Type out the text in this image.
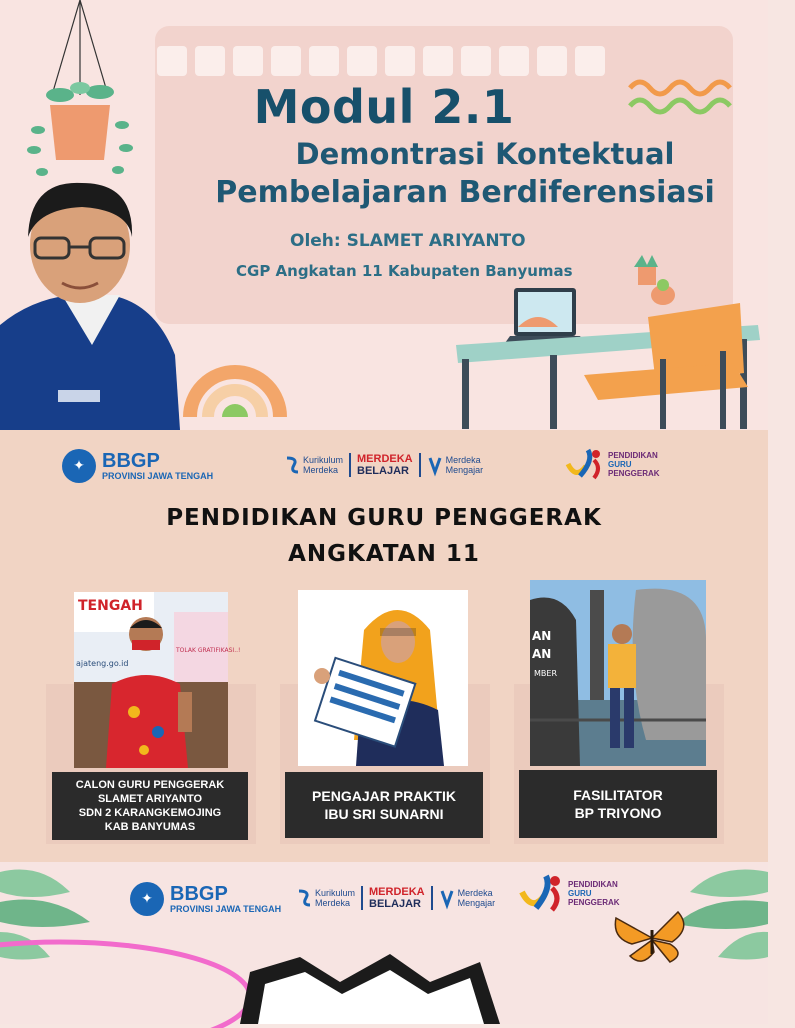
Modul 2.1
Demontrasi Kontektual
Pembelajaran Berdiferensiasi
Oleh: SLAMET ARIYANTO
CGP Angkatan 11 Kabupaten Banyumas
✦ BBGP
PROVINSI JAWA TENGAH
Kurikulum
Merdeka
MERDEKA
BELAJAR
Merdeka
Mengajar
PENDIDIKAN
GURU
PENGGERAK
PENDIDIKAN GURU PENGGERAK
ANGKATAN 11
TENGAH
TOLAK GRATIFIKASI..!
ajateng.go.id
CALON GURU PENGGERAK
SLAMET ARIYANTO
SDN 2 KARANGKEMOJING
KAB BANYUMAS
PENGAJAR PRAKTIK
IBU SRI SUNARNI
AN
AN
MBER
FASILITATOR
BP TRIYONO
✦ BBGP
PROVINSI JAWA TENGAH
Kurikulum
Merdeka
MERDEKA
BELAJAR
Merdeka
Mengajar
PENDIDIKAN
GURU
PENGGERAK
